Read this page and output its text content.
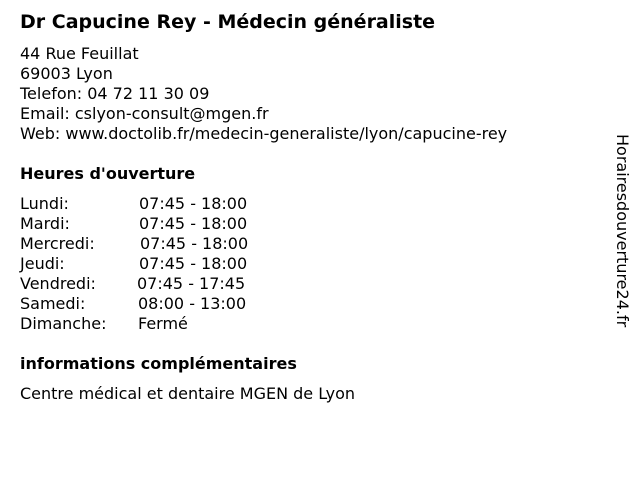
Dr Capucine Rey - Médecin généraliste
44 Rue Feuillat
69003 Lyon
Telefon: 04 72 11 30 09
Email: cslyon-consult@mgen.fr
Web: www.doctolib.fr/medecin-generaliste/lyon/capucine-rey
Heures d'ouverture
Lundi:	07:45 - 18:00
Mardi:	07:45 - 18:00
Mercredi:	07:45 - 18:00
Jeudi:	07:45 - 18:00
Vendredi:	07:45 - 17:45
Samedi:	08:00 - 13:00
Dimanche: Fermé
informations complémentaires
Centre médical et dentaire MGEN de Lyon
Horairesdouverture24.fr
